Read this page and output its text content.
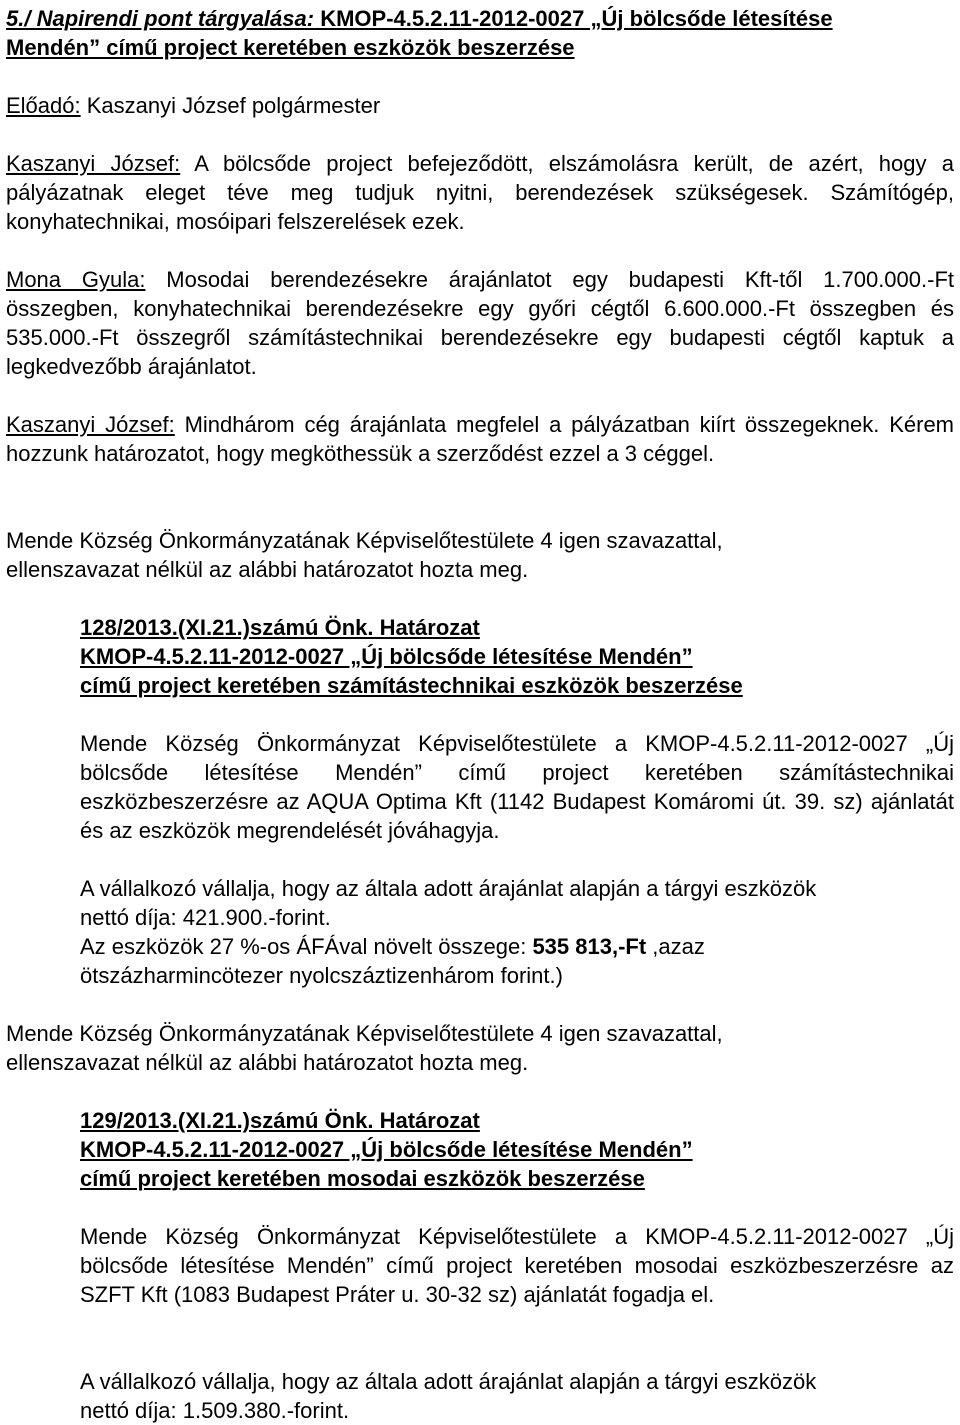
5./ Napirendi pont tárgyalása: KMOP-4.5.2.11-2012-0027 „Új bölcsőde létesítése
Mendén” című project keretében eszközök beszerzése
Előadó: Kaszanyi József polgármester
Kaszanyi József: A bölcsőde project befejeződött, elszámolásra került, de azért, hogy a pályázatnak eleget téve meg tudjuk nyitni, berendezések szükségesek. Számítógép, konyhatechnikai, mosóipari felszerelések ezek.
Mona Gyula: Mosodai berendezésekre árajánlatot egy budapesti Kft-től 1.700.000.-Ft összegben, konyhatechnikai berendezésekre egy győri cégtől 6.600.000.-Ft összegben és 535.000.-Ft összegről számítástechnikai berendezésekre egy budapesti cégtől kaptuk a legkedvezőbb árajánlatot.
Kaszanyi József: Mindhárom cég árajánlata megfelel a pályázatban kiírt összegeknek. Kérem hozzunk határozatot, hogy megköthessük a szerződést ezzel a 3 céggel.
Mende Község Önkormányzatának Képviselőtestülete 4 igen szavazattal,
ellenszavazat nélkül az alábbi határozatot hozta meg.
128/2013.(XI.21.)számú Önk. Határozat
KMOP-4.5.2.11-2012-0027 „Új bölcsőde létesítése Mendén”
című project keretében számítástechnikai eszközök beszerzése
Mende Község Önkormányzat Képviselőtestülete a KMOP-4.5.2.11-2012-0027 „Új bölcsőde létesítése Mendén” című project keretében számítástechnikai eszközbeszerzésre az AQUA Optima Kft (1142 Budapest Komáromi út. 39. sz) ajánlatát és az eszközök megrendelését jóváhagyja.
A vállalkozó vállalja, hogy az általa adott árajánlat alapján a tárgyi eszközök
nettó díja: 421.900.-forint.
Az eszközök 27 %-os ÁFÁval növelt összege: 535 813,-Ft ,azaz
ötszázharmincötezer nyolcszáztizenhárom forint.)
Mende Község Önkormányzatának Képviselőtestülete 4 igen szavazattal,
ellenszavazat nélkül az alábbi határozatot hozta meg.
129/2013.(XI.21.)számú Önk. Határozat
KMOP-4.5.2.11-2012-0027 „Új bölcsőde létesítése Mendén”
című project keretében mosodai eszközök beszerzése
Mende Község Önkormányzat Képviselőtestülete a KMOP-4.5.2.11-2012-0027 „Új bölcsőde létesítése Mendén” című project keretében mosodai eszközbeszerzésre az SZFT Kft (1083 Budapest Práter u. 30-32 sz) ajánlatát fogadja el.
A vállalkozó vállalja, hogy az általa adott árajánlat alapján a tárgyi eszközök
nettó díja: 1.509.380.-forint.
